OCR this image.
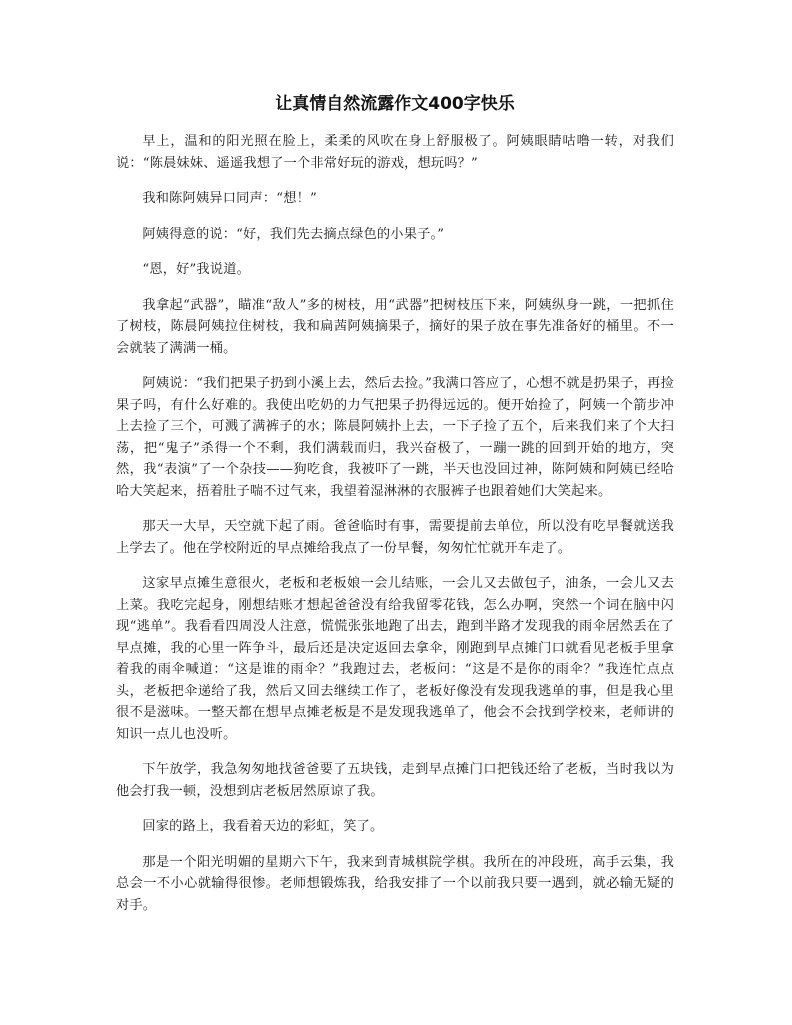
让真情自然流露作文400字快乐

早上，温和的阳光照在脸上，柔柔的风吹在身上舒服极了。阿姨眼睛咕噜一转，对我们说：“陈晨妹妹、遥遥我想了一个非常好玩的游戏，想玩吗？”

我和陈阿姨异口同声：“想！”

阿姨得意的说：“好，我们先去摘点绿色的小果子。”

“恩，好”我说道。

我拿起“武器”，瞄准“敌人”多的树枝，用“武器”把树枝压下来，阿姨纵身一跳，一把抓住了树枝，陈晨阿姨拉住树枝，我和扁茜阿姨摘果子，摘好的果子放在事先准备好的桶里。不一会就装了满满一桶。

阿姨说：“我们把果子扔到小溪上去，然后去捡。”我满口答应了，心想不就是扔果子，再捡果子吗，有什么好难的。我使出吃奶的力气把果子扔得远远的。便开始捡了，阿姨一个箭步冲上去捡了三个，可溅了满裤子的水；陈晨阿姨扑上去，一下子捡了五个，后来我们来了个大扫荡，把“鬼子”杀得一个不剩，我们满载而归，我兴奋极了，一蹦一跳的回到开始的地方，突然，我“表演”了一个杂技——狗吃食，我被吓了一跳，半天也没回过神，陈阿姨和阿姨已经哈哈大笑起来，捂着肚子喘不过气来，我望着湿淋淋的衣服裤子也跟着她们大笑起来。

那天一大早，天空就下起了雨。爸爸临时有事，需要提前去单位，所以没有吃早餐就送我上学去了。他在学校附近的早点摊给我点了一份早餐，匆匆忙忙就开车走了。

这家早点摊生意很火，老板和老板娘一会儿结账，一会儿又去做包子，油条，一会儿又去上菜。我吃完起身，刚想结账才想起爸爸没有给我留零花钱，怎么办啊，突然一个词在脑中闪现“逃单”。我看看四周没人注意，慌慌张张地跑了出去，跑到半路才发现我的雨伞居然丢在了早点摊，我的心里一阵争斗，最后还是决定返回去拿伞，刚跑到早点摊门口就看见老板手里拿着我的雨伞喊道：“这是谁的雨伞？”我跑过去，老板问：“这是不是你的雨伞？”我连忙点点头，老板把伞递给了我，然后又回去继续工作了，老板好像没有发现我逃单的事，但是我心里很不是滋味。一整天都在想早点摊老板是不是发现我逃单了，他会不会找到学校来，老师讲的知识一点儿也没听。

下午放学，我急匆匆地找爸爸要了五块钱，走到早点摊门口把钱还给了老板，当时我以为他会打我一顿，没想到店老板居然原谅了我。

回家的路上，我看着天边的彩虹，笑了。

那是一个阳光明媚的星期六下午，我来到青城棋院学棋。我所在的冲段班，高手云集，我总会一不小心就输得很惨。老师想锻炼我，给我安排了一个以前我只要一遇到，就必输无疑的对手。
